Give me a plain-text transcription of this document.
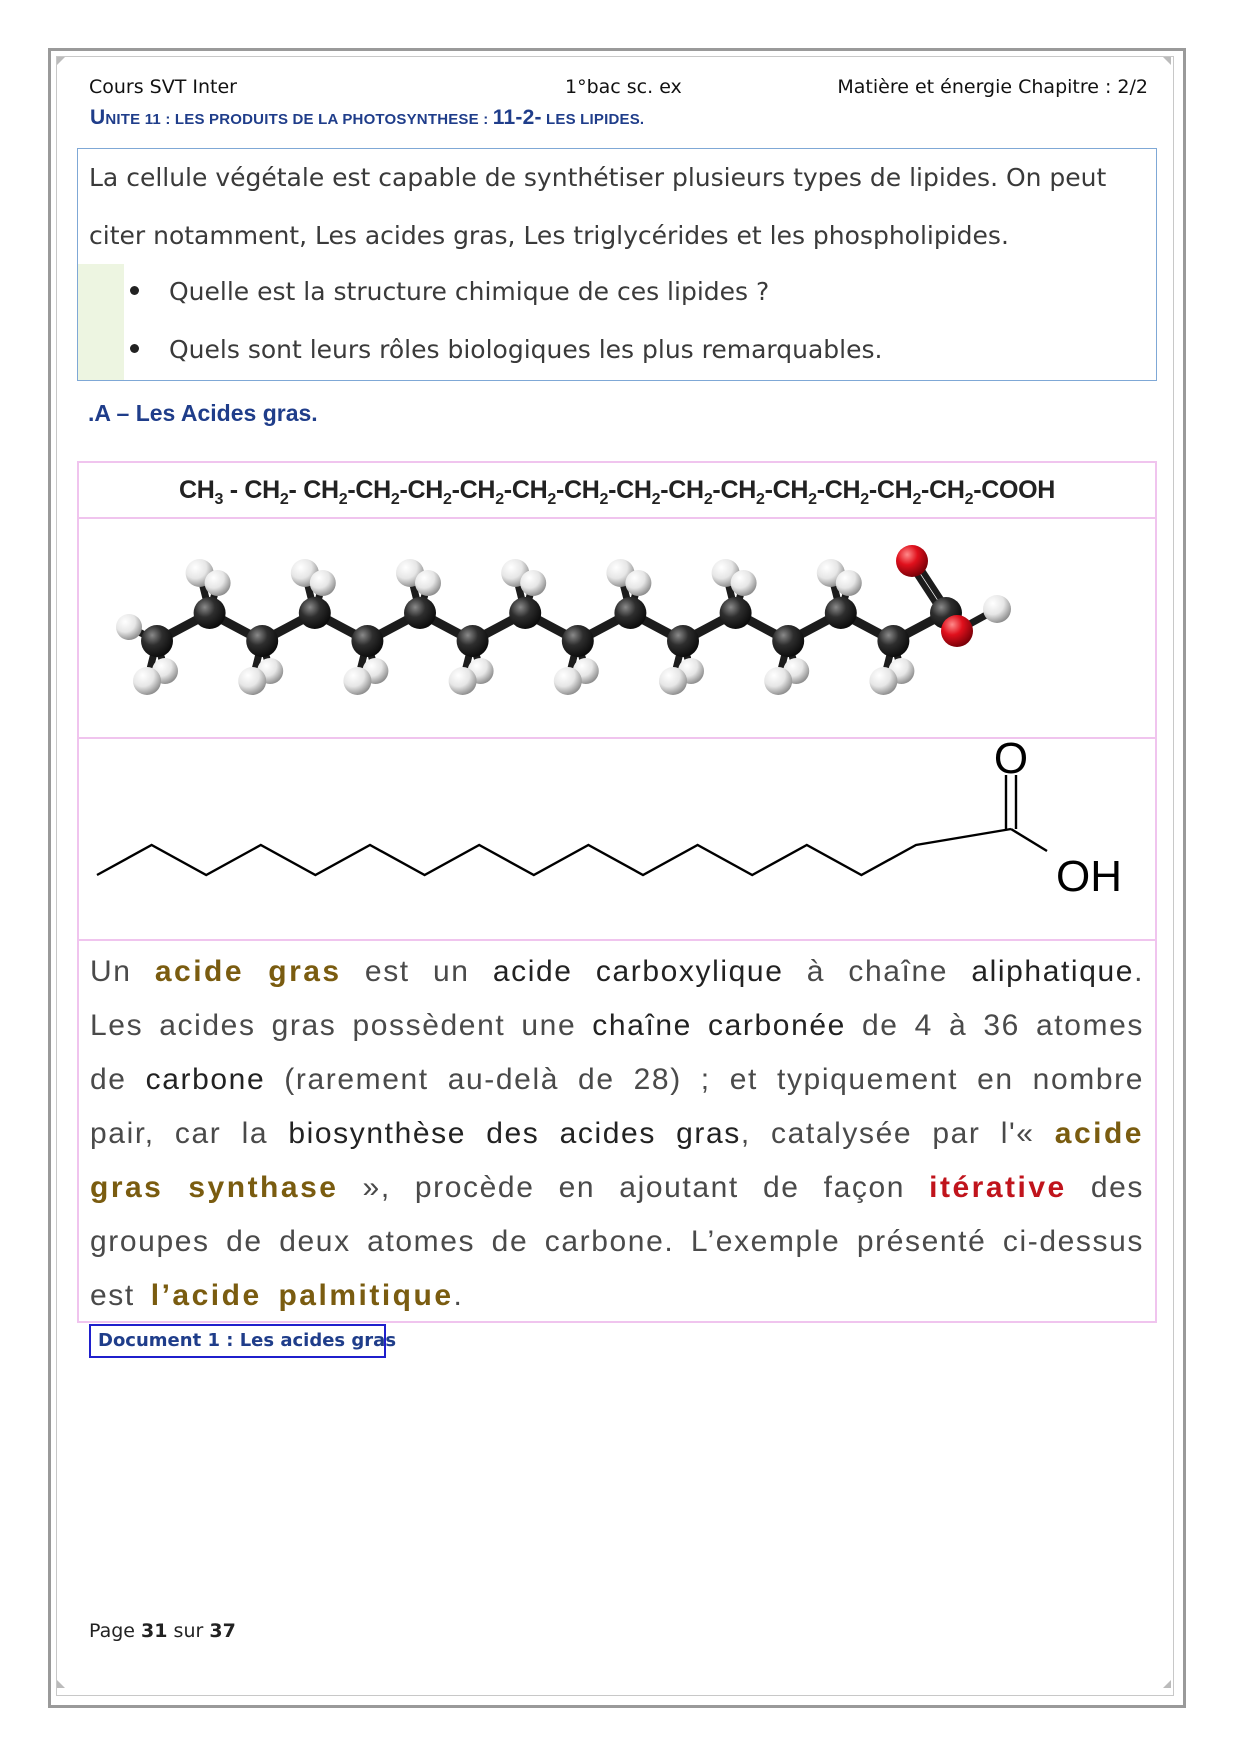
Cours SVT Inter	1°bac sc. ex	Matière et énergie Chapitre : 2/2
UNITE 11 : LES PRODUITS DE LA PHOTOSYNTHESE : 11-2- LES LIPIDES.

La cellule végétale est capable de synthétiser plusieurs types de lipides. On peut citer notamment, Les acides gras, Les triglycérides et les phospholipides.

Quelle est la structure chimique de ces lipides ?
Quels sont leurs rôles biologiques les plus remarquables.
.A – Les Acides gras.
$CH_3 - CH_2-$ $CH_2-CH_2-CH_2-CH_2-CH_2-CH_2-CH_2-CH_2-CH_2-CH_2-CH_2-CH_2-CH_2$-COOH
O
OH

Un acide gras est un acide carboxylique à chaîne aliphatique. Les acides gras possèdent une chaîne carbonée de 4 à 36 atomes de carbone (rarement au-delà de 28) ; et typiquement en nombre pair, car la biosynthèse des acides gras, catalysée par l'« acide gras synthase », procède en ajoutant de façon itérative des groupes de deux atomes de carbone. L’exemple présenté ci-dessus est l’acide palmitique.

Document 1 : Les acides gras
Page 31 sur 37
